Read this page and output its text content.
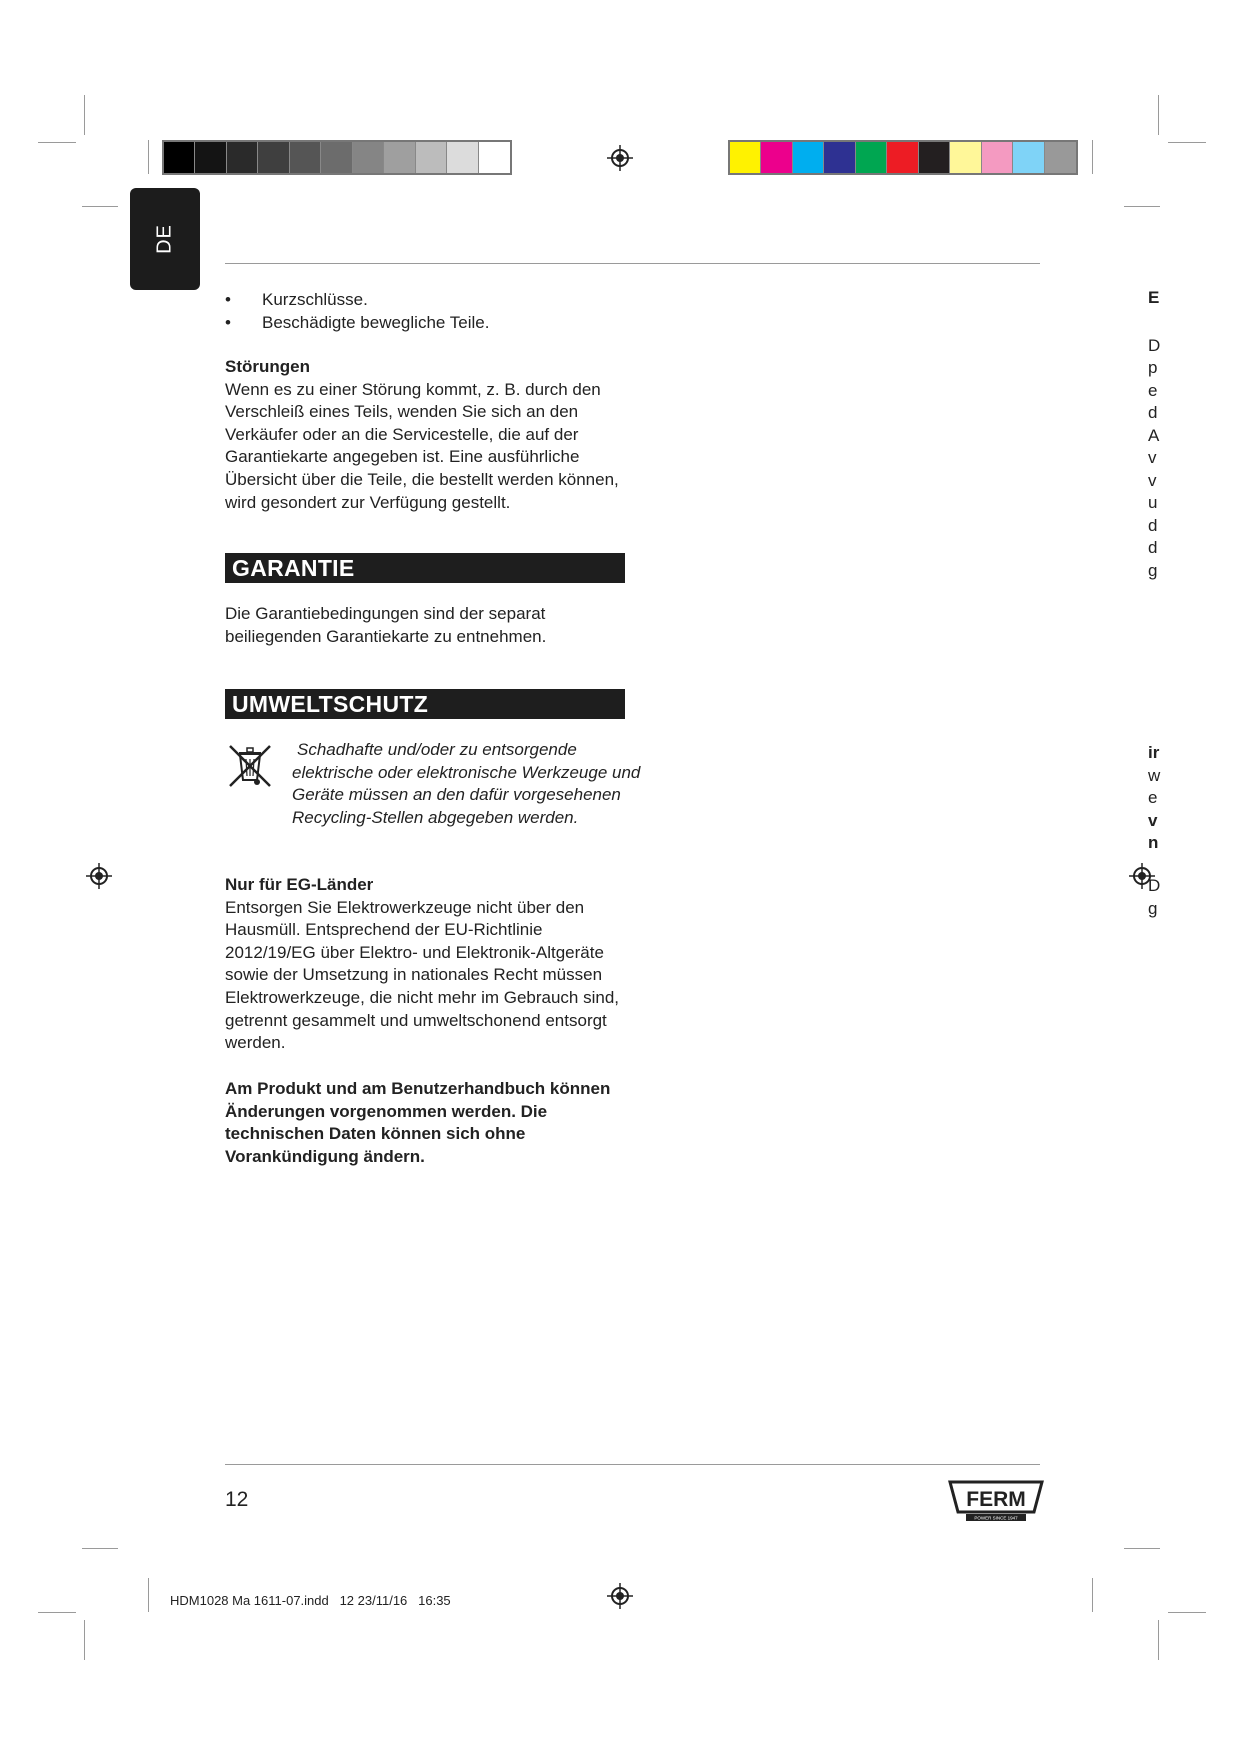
DE
• Kurzschlüsse.
• Beschädigte bewegliche Teile.
Störungen

Wenn es zu einer Störung kommt, z. B. durch den Verschleiß eines Teils, wenden Sie sich an den Verkäufer oder an die Servicestelle, die auf der Garantiekarte angegeben ist. Eine ausführliche Übersicht über die Teile, die bestellt werden können, wird gesondert zur Verfügung gestellt.

GARANTIE

Die Garantiebedingungen sind der separat beiliegenden Garantiekarte zu entnehmen.

UMWELTSCHUTZ

Schadhafte und/oder zu entsorgende elektrische oder elektronische Werkzeuge und Geräte müssen an den dafür vorgesehenen Recycling-Stellen abgegeben werden.

Nur für EG-Länder

Entsorgen Sie Elektrowerkzeuge nicht über den Hausmüll. Entsprechend der EU-Richtlinie 2012/19/EG über Elektro- und Elektronik-Altgeräte sowie der Umsetzung in nationales Recht müssen Elektrowerkzeuge, die nicht mehr im Gebrauch sind, getrennt gesammelt und umweltschonend entsorgt werden.

Am Produkt und am Benutzerhandbuch können Änderungen vorgenommen werden. Die technischen Daten können sich ohne Vorankündigung ändern.

12	FERM
POWER SINCE 1947
HDM1028 Ma 1611-07.indd   12 23/11/16   16:35
E
D
p
e
d
A
v
v
u
d
d
g
ir
w
e
v
n
D
g
